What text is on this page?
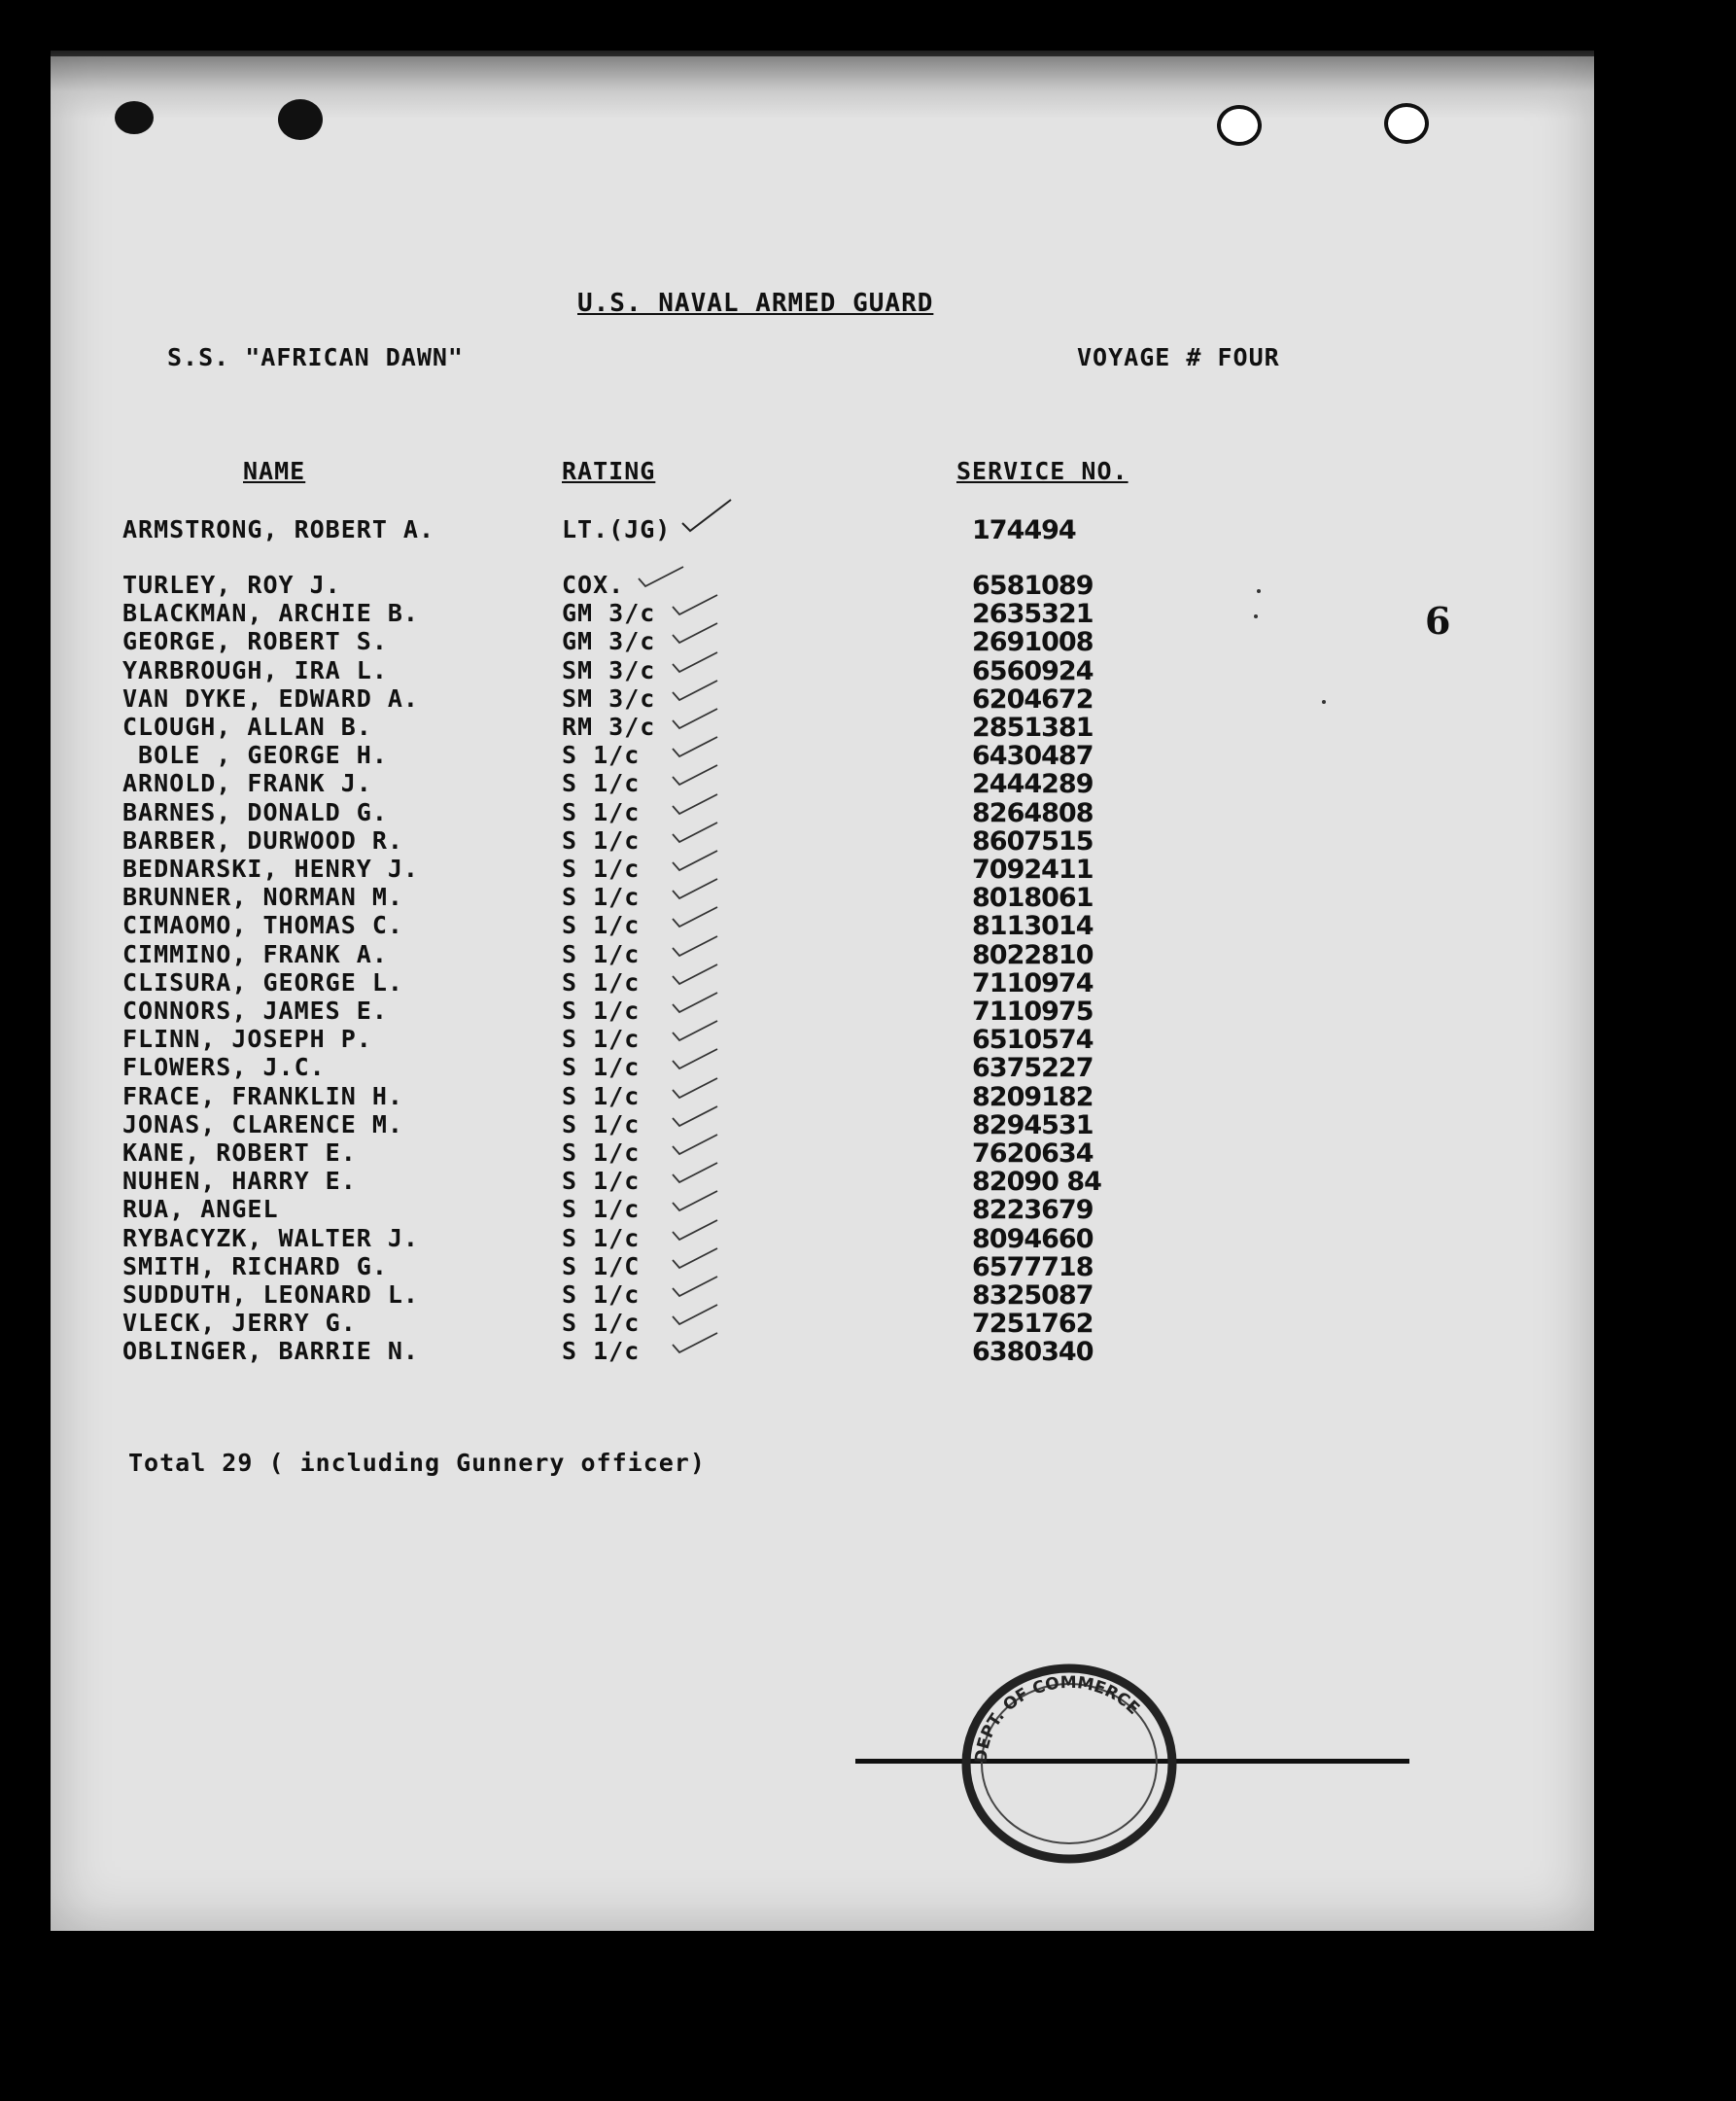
U.S. NAVAL ARMED GUARD
S.S. "AFRICAN DAWN"	VOYAGE # FOUR
6
NAME	RATING	SERVICE NO.
ARMSTRONG, ROBERT A.	LT.(JG)	174494
TURLEY, ROY J.	COX.	6581089
BLACKMAN, ARCHIE B.	GM 3/c	2635321
GEORGE, ROBERT S.	GM 3/c	2691008
YARBROUGH, IRA L.	SM 3/c	6560924
VAN DYKE, EDWARD A.	SM 3/c	6204672
CLOUGH, ALLAN B.	RM 3/c	2851381
BOLE , GEORGE H.	S 1/c	6430487
ARNOLD, FRANK J.	S 1/c	2444289
BARNES, DONALD G.	S 1/c	8264808
BARBER, DURWOOD R.	S 1/c	8607515
BEDNARSKI, HENRY J.	S 1/c	7092411
BRUNNER, NORMAN M.	S 1/c	8018061
CIMAOMO, THOMAS C.	S 1/c	8113014
CIMMINO, FRANK A.	S 1/c	8022810
CLISURA, GEORGE L.	S 1/c	7110974
CONNORS, JAMES E.	S 1/c	7110975
FLINN, JOSEPH P.	S 1/c	6510574
FLOWERS, J.C.	S 1/c	6375227
FRACE, FRANKLIN H.	S 1/c	8209182
JONAS, CLARENCE M.	S 1/c	8294531
KANE, ROBERT E.	S 1/c	7620634
NUHEN, HARRY E.	S 1/c	82090 84
RUA, ANGEL	S 1/c	8223679
RYBACYZK, WALTER J.	S 1/c	8094660
SMITH, RICHARD G.	S 1/C	6577718
SUDDUTH, LEONARD L.	S 1/c	8325087
VLECK, JERRY G.	S 1/c	7251762
OBLINGER, BARRIE N.	S 1/c	6380340
Total 29 ( including Gunnery officer)
DEPT. OF COMMERCE
